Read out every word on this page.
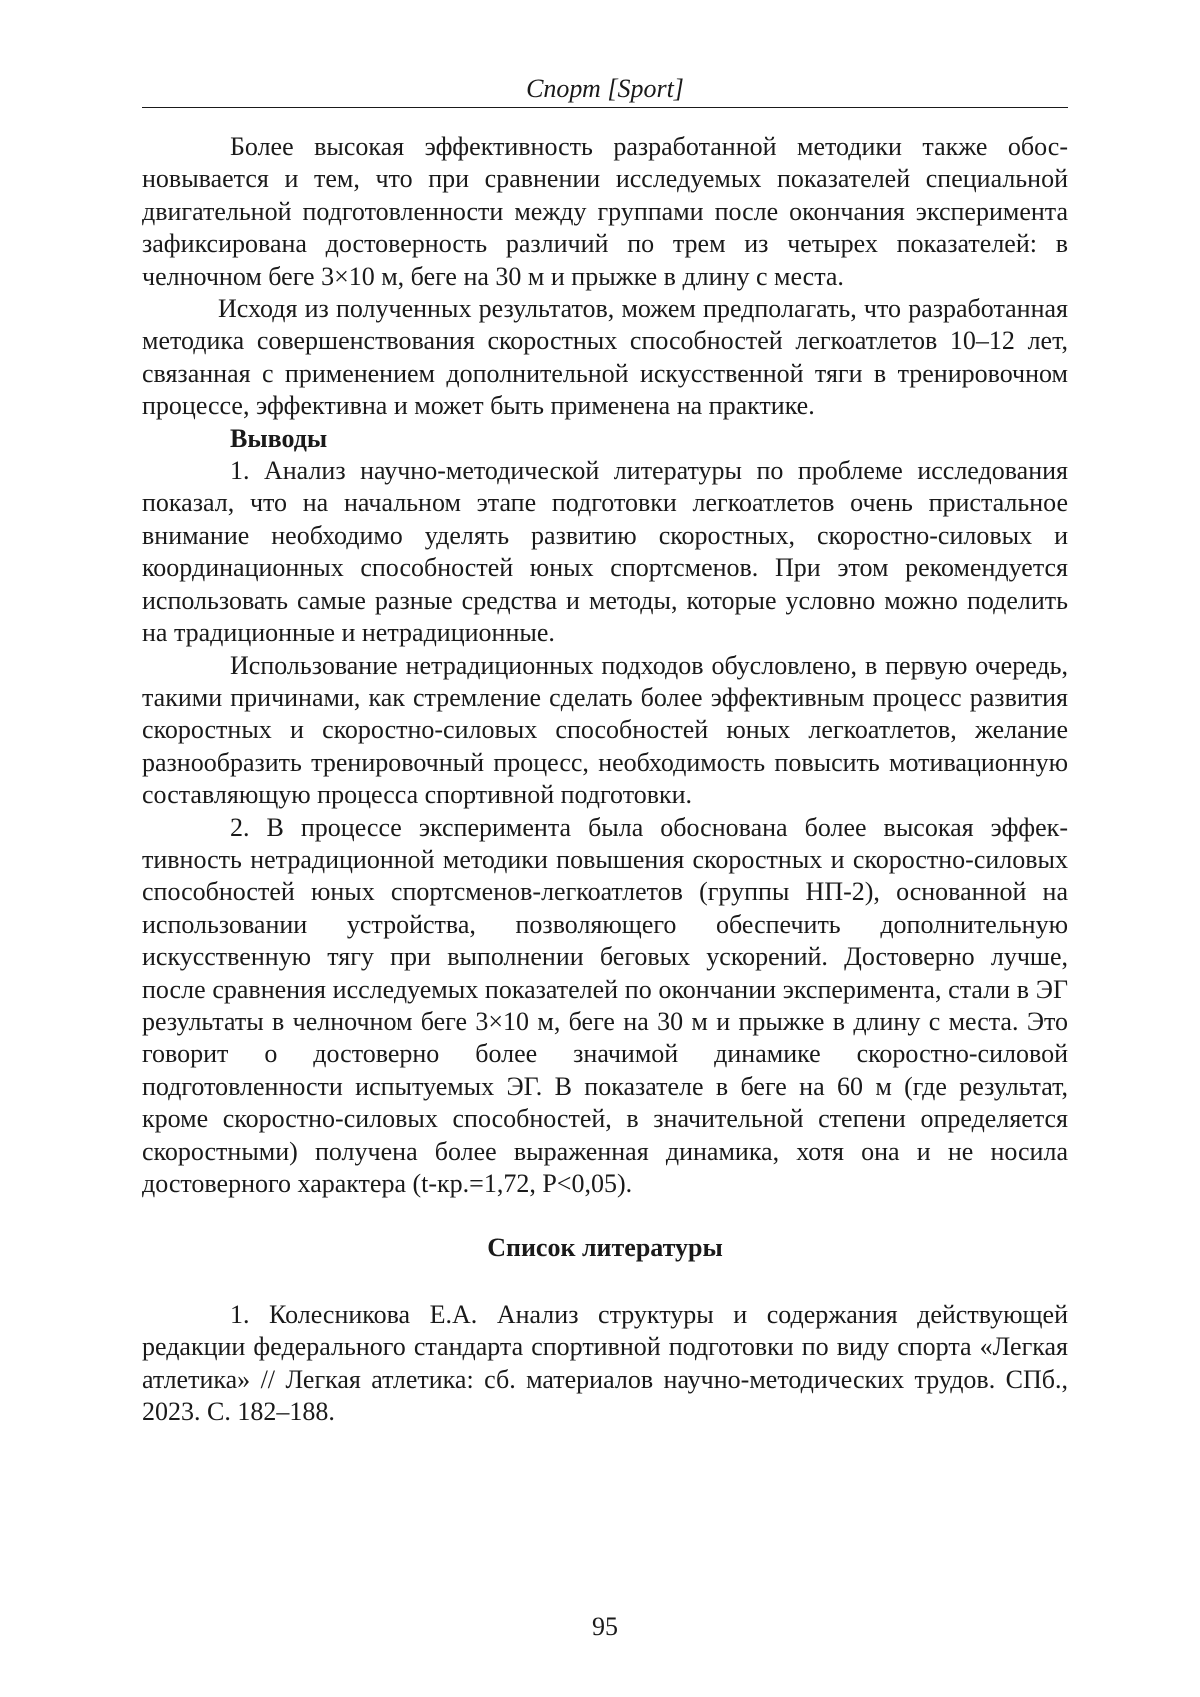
Спорт [Sport]

Более высокая эффективность разработанной методики также обосновывается и тем, что при сравнении исследуемых показателей специальной двигательной подготовленности между группами после окончания эксперимента зафиксирована достоверность различий по трем из четырех показателей: в челночном беге 3×10 м, беге на 30 м и прыжке в длину с места.

Исходя из полученных результатов, можем предполагать, что разработанная методика совершенствования скоростных способностей легкоатлетов 10–12 лет, связанная с применением дополнительной искусственной тяги в тренировочном процессе, эффективна и может быть применена на практике.

Выводы

1. Анализ научно-методической литературы по проблеме исследования показал, что на начальном этапе подготовки легкоатлетов очень пристальное внимание необходимо уделять развитию скоростных, скоростно-силовых и координационных способностей юных спортсменов. При этом рекомендуется использовать самые разные средства и методы, которые условно можно поделить на традиционные и нетрадиционные.

Использование нетрадиционных подходов обусловлено, в первую очередь, такими причинами, как стремление сделать более эффективным процесс развития скоростных и скоростно-силовых способностей юных легкоатлетов, желание разнообразить тренировочный процесс, необходимость повысить мотивационную составляющую процесса спортивной подготовки.

2. В процессе эксперимента была обоснована более высокая эффективность нетрадиционной методики повышения скоростных и скоростно-силовых способностей юных спортсменов-легкоатлетов (группы НП-2), основанной на использовании устройства, позволяющего обеспечить дополнительную искусственную тягу при выполнении беговых ускорений. Достоверно лучше, после сравнения исследуемых показателей по окончании эксперимента, стали в ЭГ результаты в челночном беге 3×10 м, беге на 30 м и прыжке в длину с места. Это говорит о достоверно более значимой динамике скоростно-силовой подготовленности испытуемых ЭГ. В показателе в беге на 60 м (где результат, кроме скоростно-силовых способностей, в значительной степени определяется скоростными) получена более выраженная динамика, хотя она и не носила достоверного характера (t-кр.=1,72, P<0,05).

Список литературы

1. Колесникова Е.А. Анализ структуры и содержания действующей редакции федерального стандарта спортивной подготовки по виду спорта «Легкая атлетика» // Легкая атлетика: сб. материалов научно-методических трудов. СПб., 2023. С. 182–188.

95
